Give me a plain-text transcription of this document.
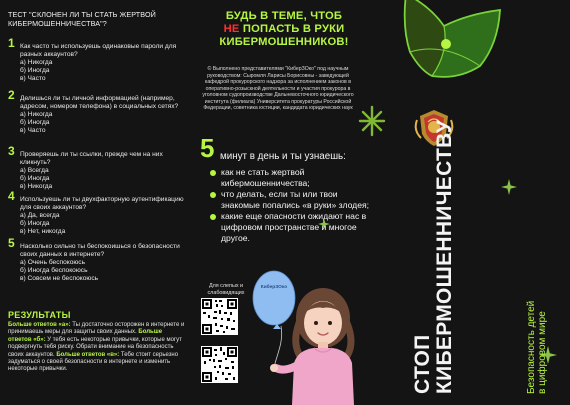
ТЕСТ "СКЛОНЕН ЛИ ТЫ СТАТЬ ЖЕРТВОЙ КИБЕРМОШЕННИЧЕСТВА"?
1 Как часто ты используешь одинаковые пароли для разных аккаунтов?
а) Никогда
б) Иногда
в) Часто
2 Делишься ли ты личной информацией (например, адресом, номером телефона) в социальных сетях?
а) Никогда
б) Иногда
в) Часто
3 Проверяешь ли ты ссылки, прежде чем на них кликнуть?
а) Всегда
б) Иногда
в) Никогда
4 Используешь ли ты двухфакторную аутентификацию для своих аккаунтов?
а) Да, всегда
б) Иногда
в) Нет, никогда
5 Насколько сильно ты беспокоишься о безопасности своих данных в интернете?
а) Очень беспокоюсь
б) Иногда беспокоюсь
в) Совсем не беспокоюсь
РЕЗУЛЬТАТЫ
Больше ответов «а»: Ты достаточно осторожен в интернете и принимаешь меры для защиты своих данных. Больше ответов «б»: У тебя есть некоторые привычки, которые могут подвергнуть тебя риску. Обрати внимание на безопасность своих аккаунтов. Больше ответов «в»: Тебе стоит серьезно задуматься о своей безопасности в интернете и изменить некоторые привычки.
БУДЬ В ТЕМЕ, ЧТОБ
НЕ ПОПАСТЬ В РУКИ КИБЕРМОШЕННИКОВ!
© Выполнено представителями "КиберЗОко" под научным руководством: Сыромля Ларисы Борисовны - заведующей кафедрой прокурорского надзора за исполнением законов в оперативно-розыскной деятельности и участия прокурора в уголовном судопроизводстве Дальневосточного юридического института (филиала) Университета прокуратуры Российской Федерации, советника юстиции, кандидата юридических наук
5 минут в день и ты узнаешь:
как не стать жертвой кибермошенничества;
что делать, если ты или твои знакомые попались «в руки» злодея;
какие еще опасности ожидают нас в цифровом пространстве и многое другое.
Для слепых и слабовидящих
КиберЗОко
СТОП
КИБЕРМОШЕННИЧЕСТВУ	Безопасность детей
в цифровом мире
